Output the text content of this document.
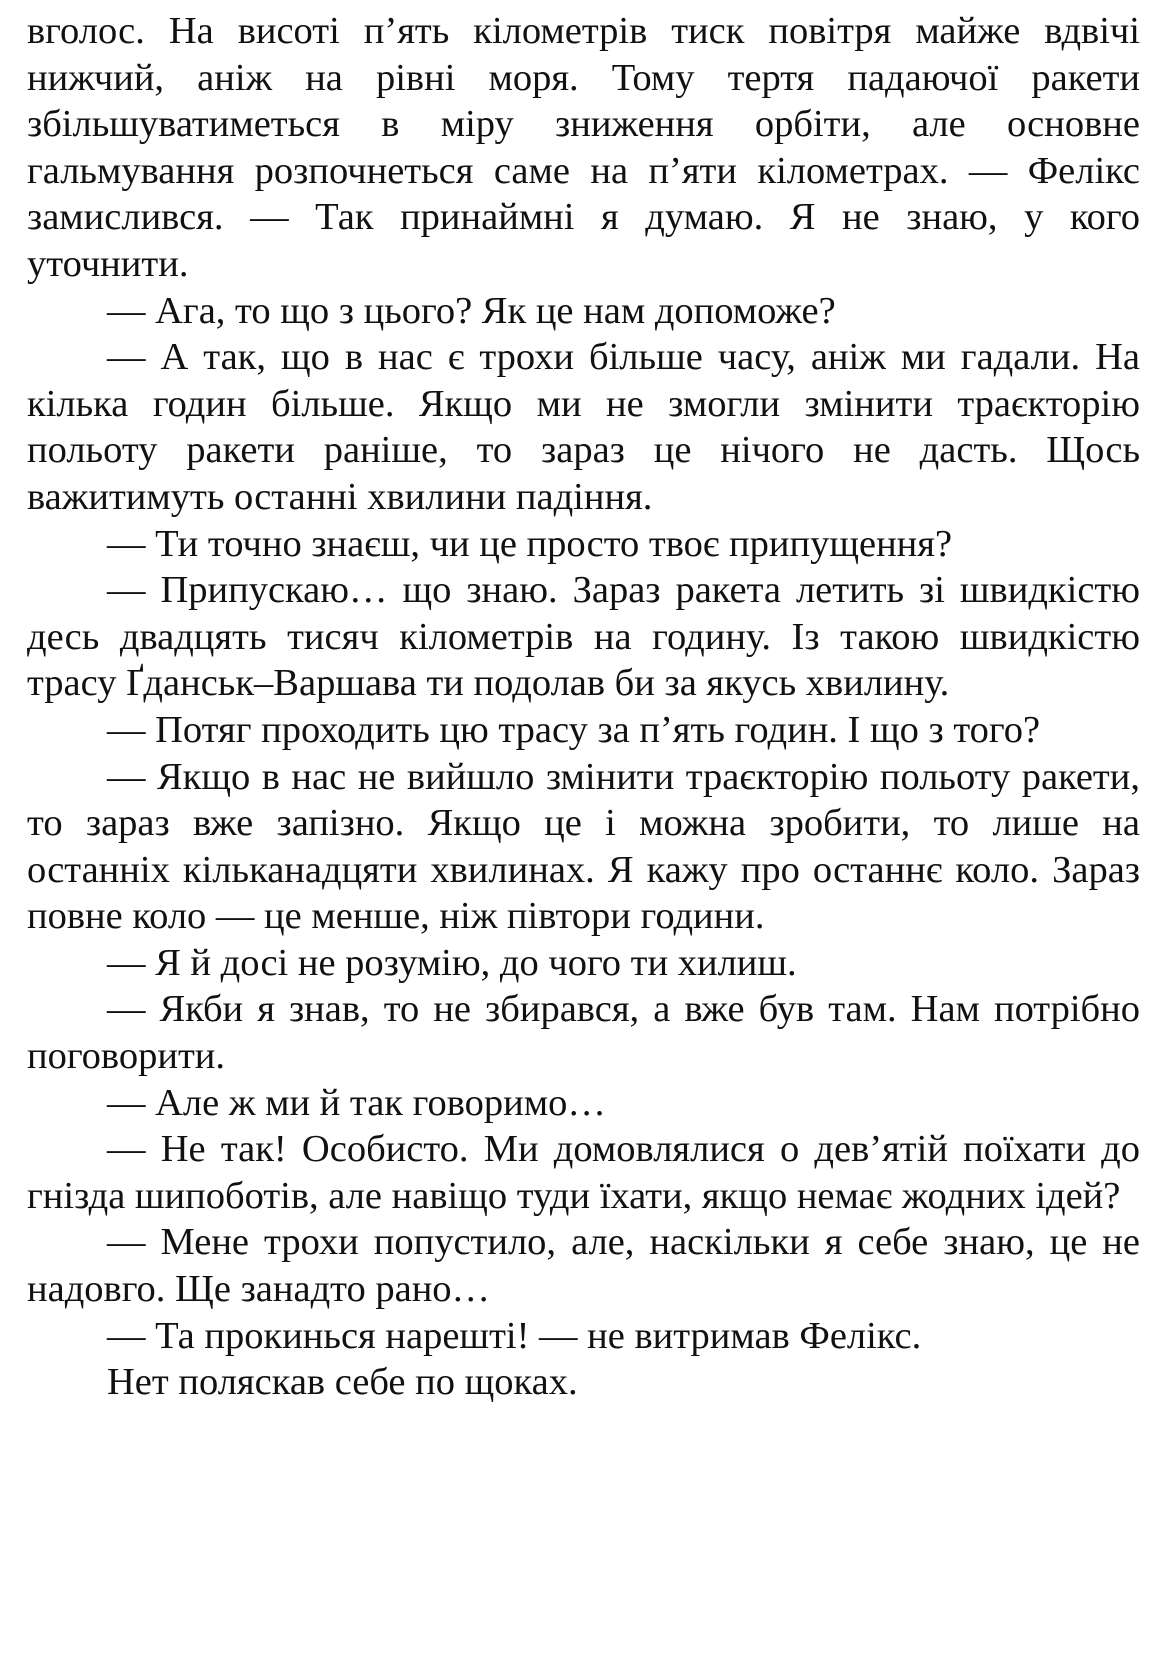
вголос. На висоті п’ять кілометрів тиск повітря майже вдвічі нижчий, аніж на рівні моря. Тому тертя падаючої ракети збільшуватиметься в міру зниження орбіти, але основне гальмування розпочнеться саме на п’яти кілометрах. — Фелікс замислився. — Так принаймні я думаю. Я не знаю, у кого уточнити.

— Ага, то що з цього? Як це нам допоможе?

— А так, що в нас є трохи більше часу, аніж ми гадали. На кілька годин більше. Якщо ми не змогли змінити траєкторію польоту ракети раніше, то зараз це нічого не дасть. Щось важитимуть останні хвилини падіння.

— Ти точно знаєш, чи це просто твоє припущення?

— Припускаю… що знаю. Зараз ракета летить зі швидкістю десь двадцять тисяч кілометрів на годину. Із такою швидкістю трасу Ґданськ–Варшава ти подолав би за якусь хвилину.

— Потяг проходить цю трасу за п’ять годин. І що з того?

— Якщо в нас не вийшло змінити траєкторію польоту ракети, то зараз вже запізно. Якщо це і можна зробити, то лише на останніх кільканадцяти хвилинах. Я кажу про останнє коло. Зараз повне коло — це менше, ніж півтори години.

— Я й досі не розумію, до чого ти хилиш.

— Якби я знав, то не збирався, а вже був там. Нам потрібно поговорити.

— Але ж ми й так говоримо…

— Не так! Особисто. Ми домовлялися о дев’ятій поїхати до гнізда шипоботів, але навіщо туди їхати, якщо немає жодних ідей?

— Мене трохи попустило, але, наскільки я себе знаю, це не надовго. Ще занадто рано…

— Та прокинься нарешті! — не витримав Фелікс.

Нет поляскав себе по щоках.
